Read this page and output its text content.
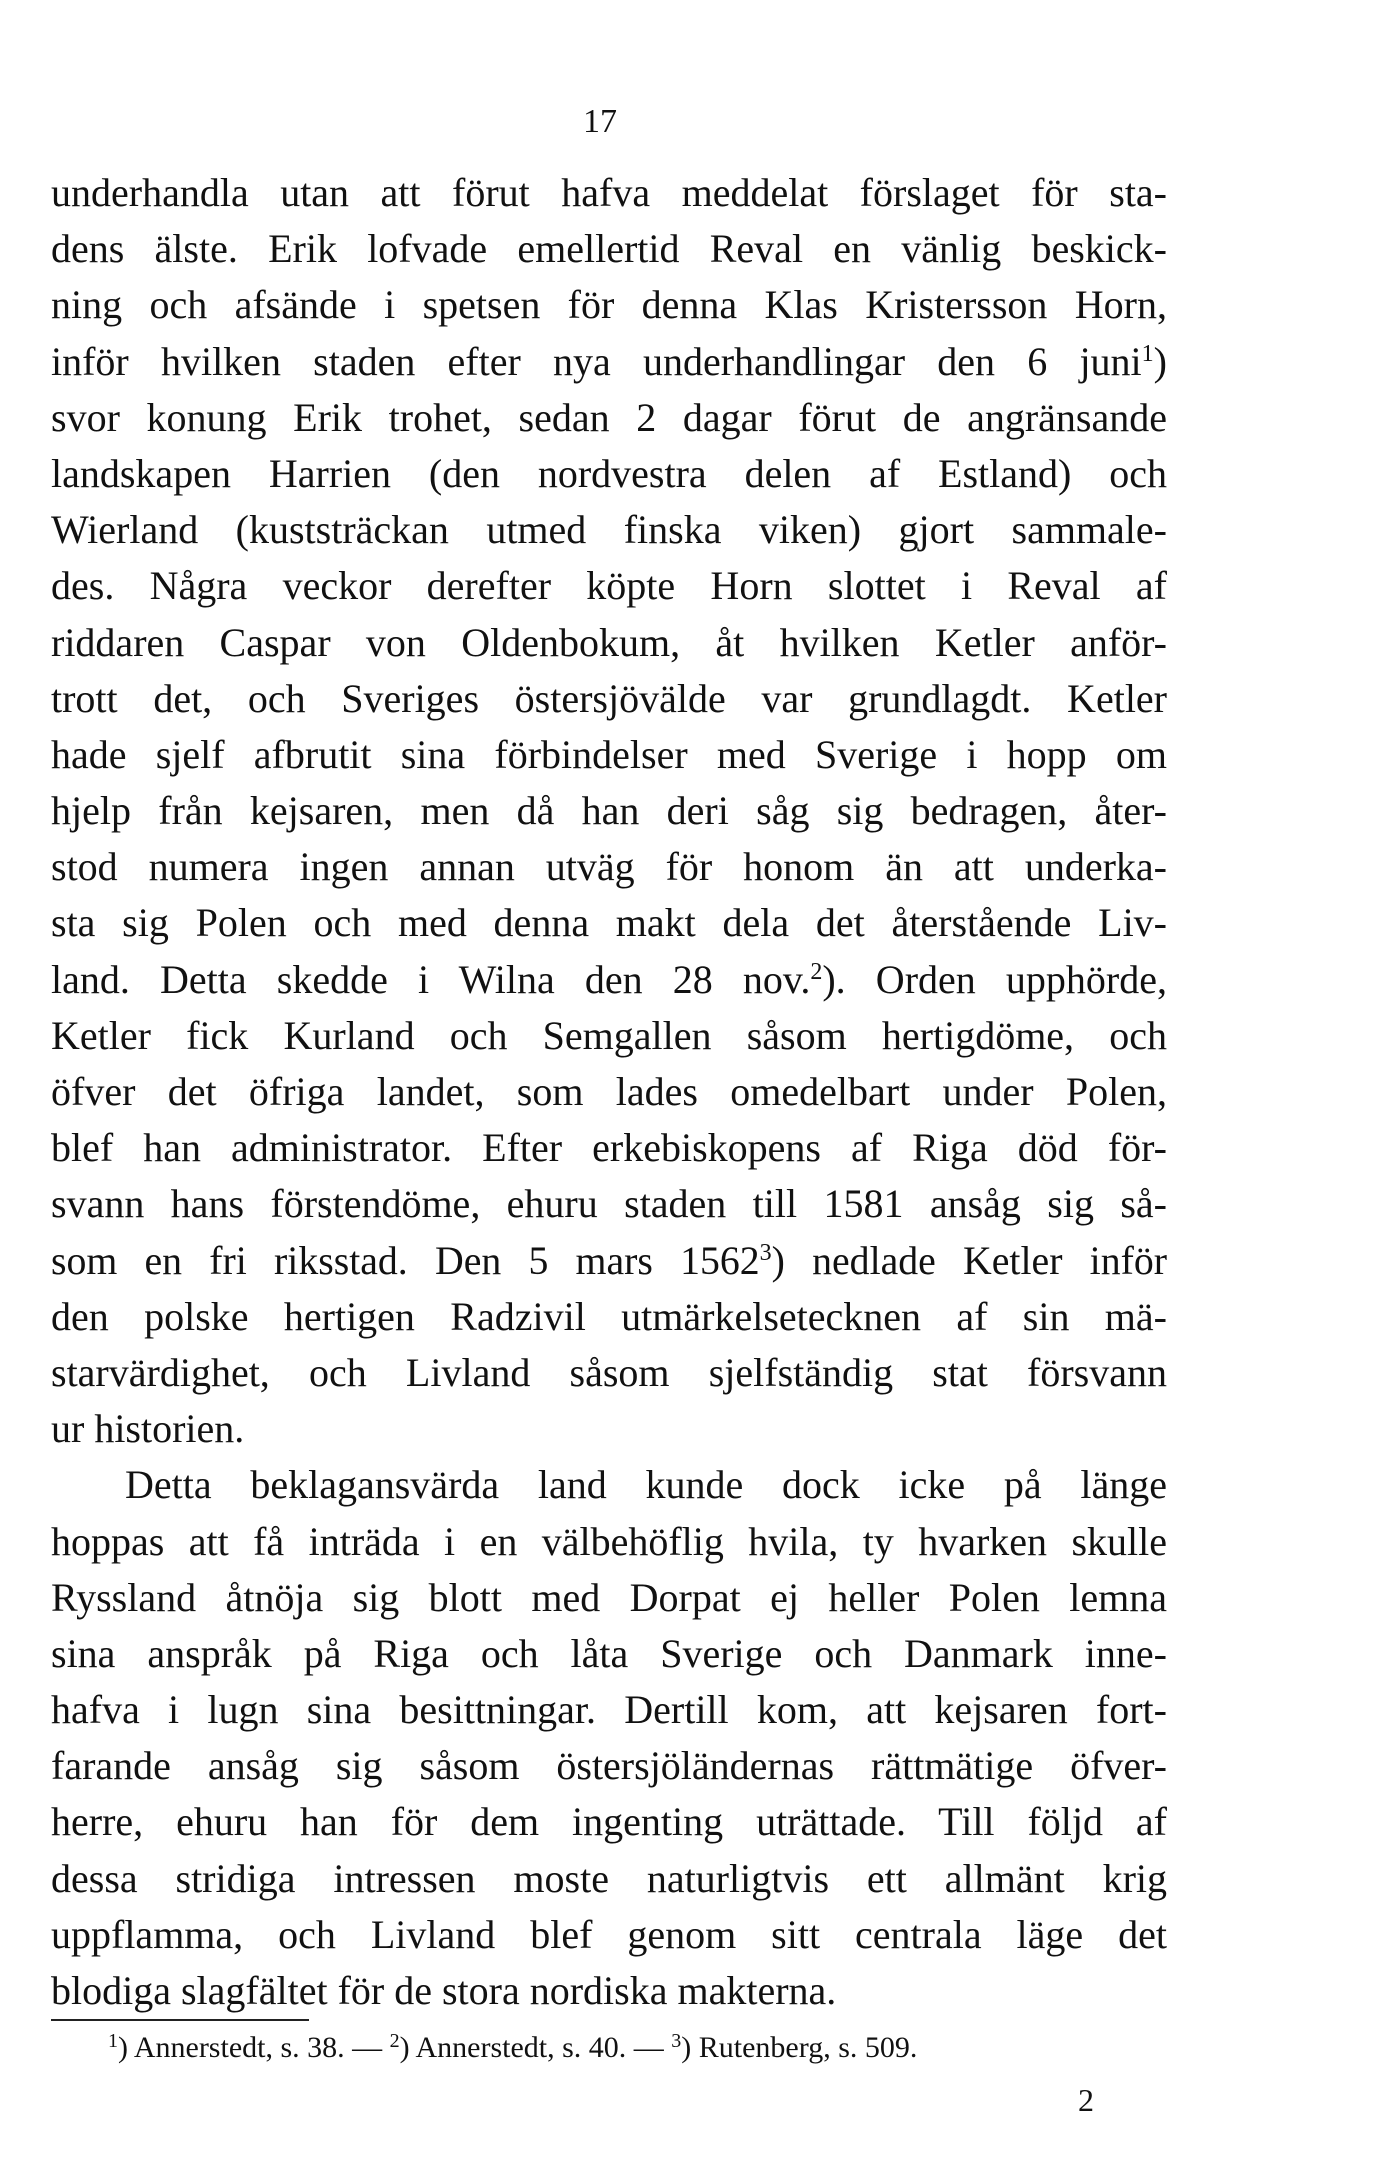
17
underhandla utan att förut hafva meddelat förslaget för sta-
dens älste. Erik lofvade emellertid Reval en vänlig beskick-
ning och afsände i spetsen för denna Klas Kristersson Horn,
inför hvilken staden efter nya underhandlingar den 6 juni$^1$)
svor konung Erik trohet, sedan 2 dagar förut de angränsande
landskapen Harrien (den nordvestra delen af Estland) och
Wierland (kuststräckan utmed finska viken) gjort sammale-
des. Några veckor derefter köpte Horn slottet i Reval af
riddaren Caspar von Oldenbokum, åt hvilken Ketler anför-
trott det, och Sveriges östersjövälde var grundlagdt. Ketler
hade sjelf afbrutit sina förbindelser med Sverige i hopp om
hjelp från kejsaren, men då han deri såg sig bedragen, åter-
stod numera ingen annan utväg för honom än att underka-
sta sig Polen och med denna makt dela det återstående Liv-
land. Detta skedde i Wilna den 28 nov.$^2$). Orden upphörde,
Ketler fick Kurland och Semgallen såsom hertigdöme, och
öfver det öfriga landet, som lades omedelbart under Polen,
blef han administrator. Efter erkebiskopens af Riga död för-
svann hans förstendöme, ehuru staden till 1581 ansåg sig så-
som en fri riksstad. Den 5 mars 1562$^3$) nedlade Ketler inför
den polske hertigen Radzivil utmärkelsetecknen af sin mä-
starvärdighet, och Livland såsom sjelfständig stat försvann
ur historien.
Detta beklagansvärda land kunde dock icke på länge
hoppas att få inträda i en välbehöflig hvila, ty hvarken skulle
Ryssland åtnöja sig blott med Dorpat ej heller Polen lemna
sina anspråk på Riga och låta Sverige och Danmark inne-
hafva i lugn sina besittningar. Dertill kom, att kejsaren fort-
farande ansåg sig såsom östersjöländernas rättmätige öfver-
herre, ehuru han för dem ingenting uträttade. Till följd af
dessa stridiga intressen moste naturligtvis ett allmänt krig
uppflamma, och Livland blef genom sitt centrala läge det
blodiga slagfältet för de stora nordiska makterna.
$^1$) Annerstedt, s. 38. — $^2$) Annerstedt, s. 40. — $^3$) Rutenberg, s. 509.
2
